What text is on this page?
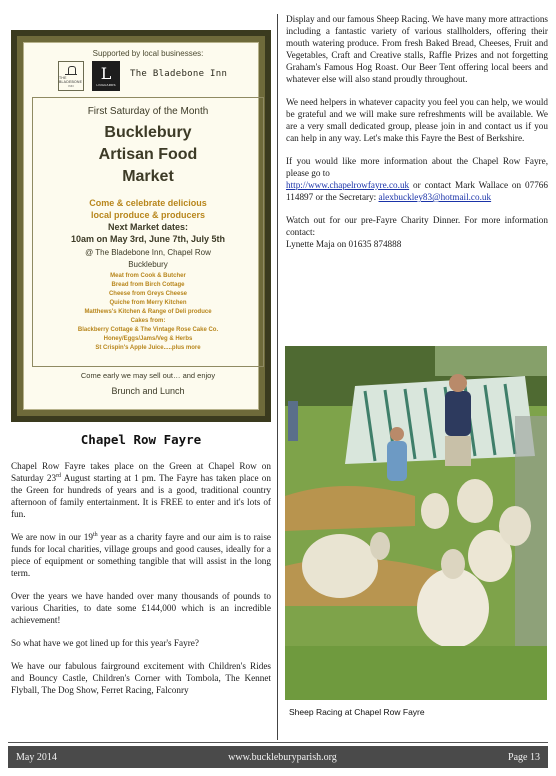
Supported by local businesses:
THE BLADEBONE
INN
L
LINGUARDS
The Bladebone Inn
First Saturday of the Month
Bucklebury
Artisan Food
Market
Come & celebrate delicious
local produce & producers
Next Market dates:
10am on May 3rd, June 7th, July 5th
@ The Bladebone Inn, Chapel Row
Bucklebury
Meat from Cook & Butcher
Bread from Birch Cottage
Cheese from Greys Cheese
Quiche from Merry Kitchen
Matthews's Kitchen & Range of Deli produce
Cakes from:
Blackberry Cottage & The Vintage Rose Cake Co.
Honey/Eggs/Jams/Veg & Herbs
St Crispin's Apple Juice.....plus more
Come early we may sell out… and enjoy
Brunch and Lunch
Chapel Row Fayre

Chapel Row Fayre takes place on the Green at Chapel Row on Saturday 23rd August starting at 1 pm. The Fayre has taken place on the Green for hundreds of years and is a good, traditional country afternoon of family entertainment. It is FREE to enter and it's lots of fun.

We are now in our 19th year as a charity fayre and our aim is to raise funds for local charities, village groups and good causes, ideally for a piece of equipment or something tangible that will assist in the long term.

Over the years we have handed over many thousands of pounds to various Charities, to date some £144,000 which is an incredible achievement!

So what have we got lined up for this year's Fayre?

We have our fabulous fairground excitement with Children's Rides and Bouncy Castle, Children's Corner with Tombola, The Kennet Flyball, The Dog Show, Ferret Racing, Falconry

Display and our famous Sheep Racing. We have many more attractions including a fantastic variety of various stallholders, offering their mouth watering produce. From fresh Baked Bread, Cheeses, Fruit and Vegetables, Craft and Creative stalls, Raffle Prizes and not forgetting Graham's Famous Hog Roast. Our Beer Tent offering local beers and whatever else will also stand proudly throughout.

We need helpers in whatever capacity you feel you can help, we would be grateful and we will make sure refreshments will be available. We are a very small dedicated group, please join in and contact us if you can help in any way. Let's make this Fayre the Best of Berkshire.

If you would like more information about the Chapel Row Fayre, please go to
http://www.chapelrowfayre.co.uk or contact Mark Wallace on 07766 114897 or the Secretary: alexbuckley83@hotmail.co.uk

Watch out for our pre-Fayre Charity Dinner. For more information contact:
Lynette Maja on 01635 874888

Sheep Racing at Chapel Row Fayre
May 2014	www.buckleburyparish.org	Page 13
